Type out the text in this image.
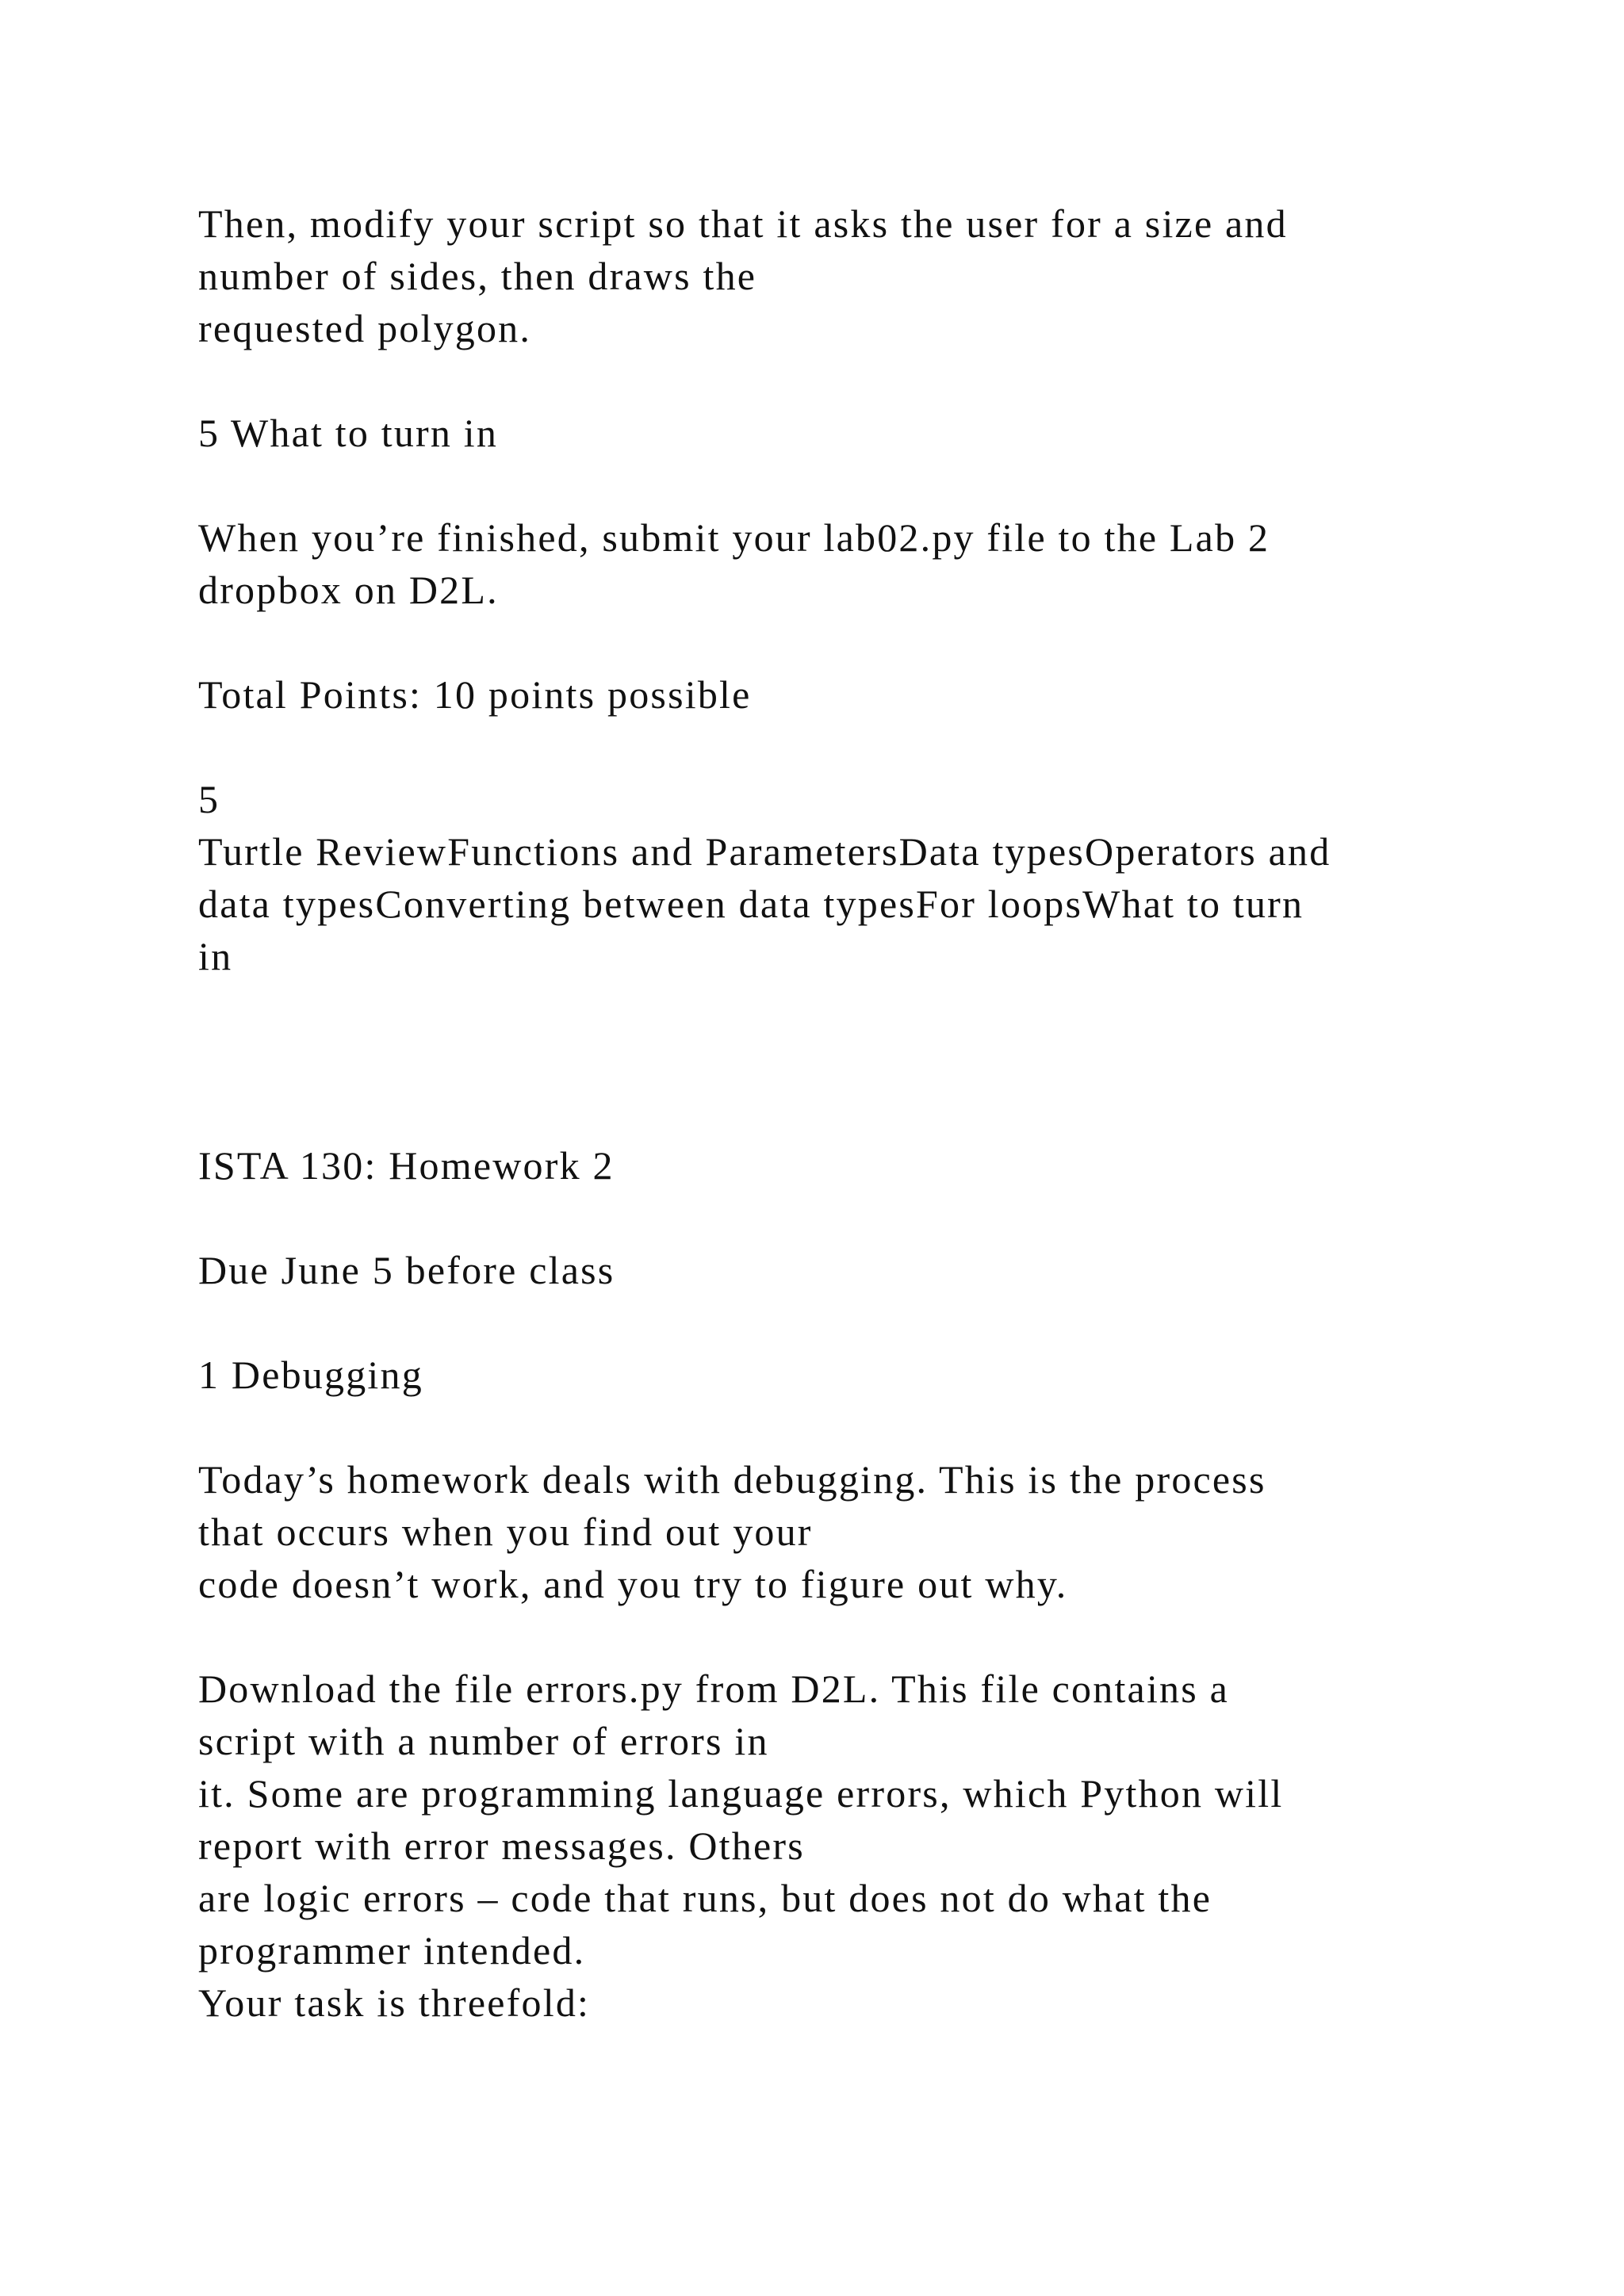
Then, modify your script so that it asks the user for a size and
number of sides, then draws the
requested polygon.
5 What to turn in
When you’re finished, submit your lab02.py file to the Lab 2
dropbox on D2L.
Total Points: 10 points possible
5
Turtle ReviewFunctions and ParametersData typesOperators and
data typesConverting between data typesFor loopsWhat to turn
in
ISTA 130: Homework 2
Due June 5 before class
1 Debugging
Today’s homework deals with debugging. This is the process
that occurs when you find out your
code doesn’t work, and you try to figure out why.
Download the file errors.py from D2L. This file contains a
script with a number of errors in
it. Some are programming language errors, which Python will
report with error messages. Others
are logic errors – code that runs, but does not do what the
programmer intended.
Your task is threefold:
